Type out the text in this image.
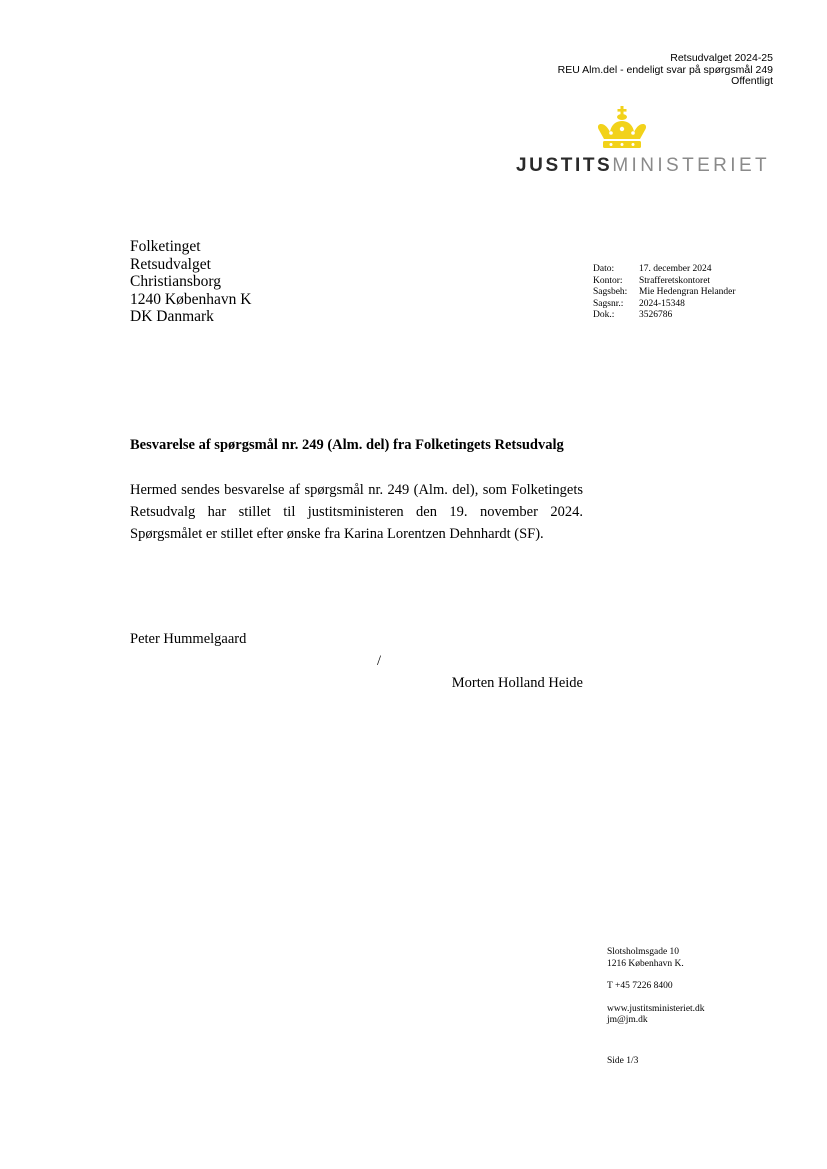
Retsudvalget 2024-25
REU Alm.del - endeligt svar på spørgsmål 249
Offentligt
JUSTITSMINISTERIET
Folketinget
Retsudvalget
Christiansborg
1240 København K
DK Danmark
Dato:	17. december 2024
Kontor:	Strafferetskontoret
Sagsbeh:	Mie Hedengran Helander
Sagsnr.:	2024-15348
Dok.:	3526786
Besvarelse af spørgsmål nr. 249 (Alm. del) fra Folketingets Retsudvalg
Hermed sendes besvarelse af spørgsmål nr. 249 (Alm. del), som Folketingets Retsudvalg har stillet til justitsministeren den 19. november 2024. Spørgsmålet er stillet efter ønske fra Karina Lorentzen Dehnhardt (SF).
Peter Hummelgaard
/
Morten Holland Heide
Slotsholmsgade 10
1216 København K.
T +45 7226 8400
www.justitsministeriet.dk
jm@jm.dk
Side 1/3
